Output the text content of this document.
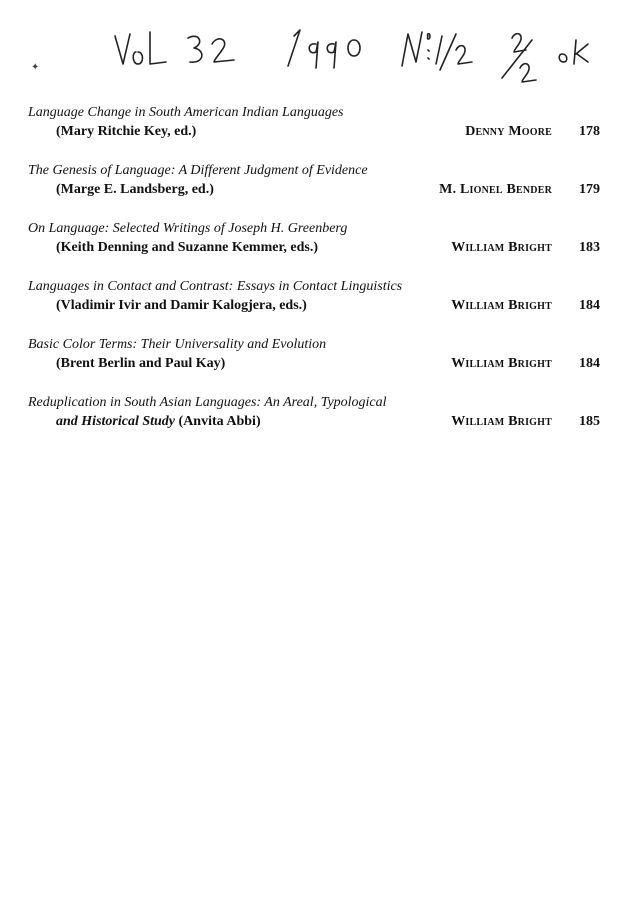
✦
Language Change in South American Indian Languages
(Mary Ritchie Key, ed.)	Denny Moore	178
The Genesis of Language: A Different Judgment of Evidence
(Marge E. Landsberg, ed.)	M. Lionel Bender	179
On Language: Selected Writings of Joseph H. Greenberg
(Keith Denning and Suzanne Kemmer, eds.)	William Bright	183
Languages in Contact and Contrast: Essays in Contact Linguistics
(Vladimir Ivir and Damir Kalogjera, eds.)	William Bright	184
Basic Color Terms: Their Universality and Evolution
(Brent Berlin and Paul Kay)	William Bright	184
Reduplication in South Asian Languages: An Areal, Typological
and Historical Study (Anvita Abbi)	William Bright	185
